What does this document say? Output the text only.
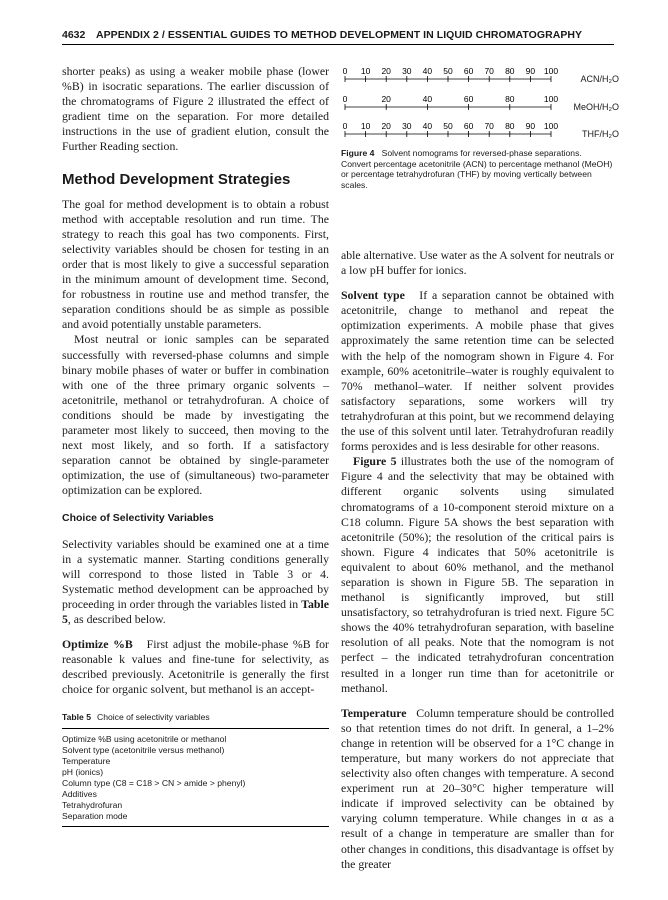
4632 APPENDIX 2 / ESSENTIAL GUIDES TO METHOD DEVELOPMENT IN LIQUID CHROMATOGRAPHY

shorter peaks) as using a weaker mobile phase (lower %B) in isocratic separations. The earlier discussion of the chromatograms of Figure 2 illustrated the effect of gradient time on the separation. For more detailed instructions in the use of gradient elution, consult the Further Reading section.

Method Development Strategies

The goal for method development is to obtain a robust method with acceptable resolution and run time. The strategy to reach this goal has two components. First, selectivity variables should be chosen for testing in an order that is most likely to give a successful separation in the minimum amount of development time. Second, for robustness in routine use and method transfer, the separation conditions should be as simple as possible and avoid potentially unstable parameters.

Most neutral or ionic samples can be separated successfully with reversed-phase columns and simple binary mobile phases of water or buffer in combination with one of the three primary organic solvents – acetonitrile, methanol or tetrahydrofuran. A choice of conditions should be made by investigating the parameter most likely to succeed, then moving to the next most likely, and so forth. If a satisfactory separation cannot be obtained by single-parameter optimization, the use of (simultaneous) two-parameter optimization can be explored.

Choice of Selectivity Variables

Selectivity variables should be examined one at a time in a systematic manner. Starting conditions generally will correspond to those listed in Table 3 or 4. Systematic method development can be approached by proceeding in order through the variables listed in Table 5, as described below.

Optimize %B First adjust the mobile-phase %B for reasonable k values and fine-tune for selectivity, as described previously. Acetonitrile is generally the first choice for organic solvent, but methanol is an accept-

Table 5 Choice of selectivity variables
Optimize %B using acetonitrile or methanol
Solvent type (acetonitrile versus methanol)
Temperature
pH (ionics)
Column type (C8 = C18 > CN > amide > phenyl)
Additives
Tetrahydrofuran
Separation mode
0 10 20 30 40 50 60 70 80 90 100
ACN/H₂O
0	20	40	60	80	100
MeOH/H₂O
0 10 20 30 40 50 60 70 80 90 100
THF/H₂O
Figure 4 Solvent nomograms for reversed-phase separations. Convert percentage acetonitrile (ACN) to percentage methanol (MeOH) or percentage tetrahydrofuran (THF) by moving vertically between scales.

able alternative. Use water as the A solvent for neutrals or a low pH buffer for ionics.

Solvent type If a separation cannot be obtained with acetonitrile, change to methanol and repeat the optimization experiments. A mobile phase that gives approximately the same retention time can be selected with the help of the nomogram shown in Figure 4. For example, 60% acetonitrile–water is roughly equivalent to 70% methanol–water. If neither solvent provides satisfactory separations, some workers will try tetrahydrofuran at this point, but we recommend delaying the use of this solvent until later. Tetrahydrofuran readily forms peroxides and is less desirable for other reasons.

Figure 5 illustrates both the use of the nomogram of Figure 4 and the selectivity that may be obtained with different organic solvents using simulated chromatograms of a 10-component steroid mixture on a C18 column. Figure 5A shows the best separation with acetonitrile (50%); the resolution of the critical pairs is shown. Figure 4 indicates that 50% acetonitrile is equivalent to about 60% methanol, and the methanol separation is shown in Figure 5B. The separation in methanol is significantly improved, but still unsatisfactory, so tetrahydrofuran is tried next. Figure 5C shows the 40% tetrahydrofuran separation, with baseline resolution of all peaks. Note that the nomogram is not perfect – the indicated tetrahydrofuran concentration resulted in a longer run time than for acetonitrile or methanol.

Temperature Column temperature should be controlled so that retention times do not drift. In general, a 1–2% change in retention will be observed for a 1°C change in temperature, but many workers do not appreciate that selectivity also often changes with temperature. A second experiment run at 20–30°C higher temperature will indicate if improved selectivity can be obtained by varying column temperature. While changes in α as a result of a change in temperature are smaller than for other changes in conditions, this disadvantage is offset by the greater
